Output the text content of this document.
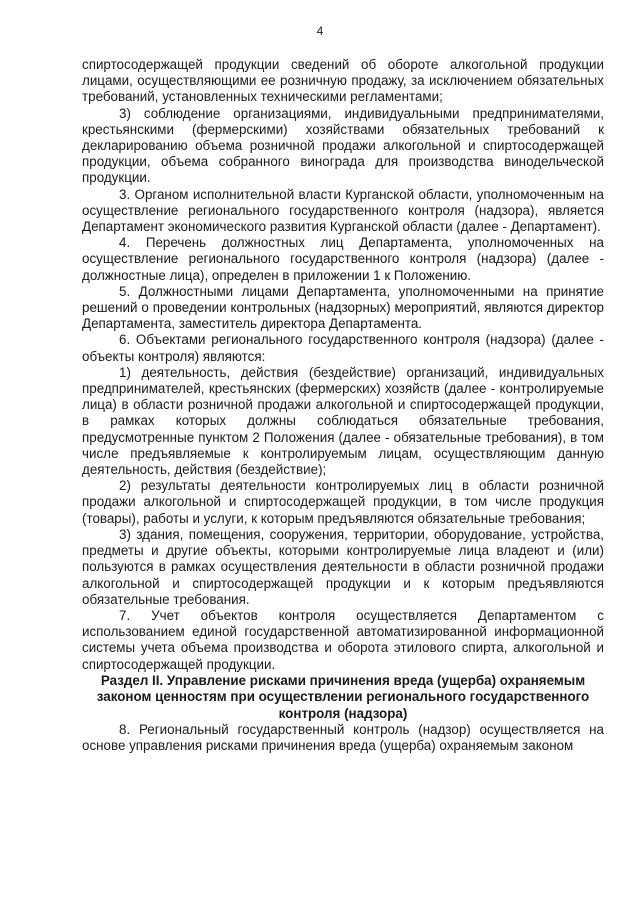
4

спиртосодержащей продукции сведений об обороте алкогольной продукции лицами, осуществляющими ее розничную продажу, за исключением обязательных требований, установленных техническими регламентами;

3) соблюдение организациями, индивидуальными предпринимателями, крестьянскими (фермерскими) хозяйствами обязательных требований к декларированию объема розничной продажи алкогольной и спиртосодержащей продукции, объема собранного винограда для производства винодельческой продукции.

3. Органом исполнительной власти Курганской области, уполномоченным на осуществление регионального государственного контроля (надзора), является Департамент экономического развития Курганской области (далее - Департамент).

4. Перечень должностных лиц Департамента, уполномоченных на осуществление регионального государственного контроля (надзора) (далее - должностные лица), определен в приложении 1 к Положению.

5. Должностными лицами Департамента, уполномоченными на принятие решений о проведении контрольных (надзорных) мероприятий, являются директор Департамента, заместитель директора Департамента.

6. Объектами регионального государственного контроля (надзора) (далее - объекты контроля) являются:

1) деятельность, действия (бездействие) организаций, индивидуальных предпринимателей, крестьянских (фермерских) хозяйств (далее - контролируемые лица) в области розничной продажи алкогольной и спиртосодержащей продукции, в рамках которых должны соблюдаться обязательные требования, предусмотренные пунктом 2 Положения (далее - обязательные требования), в том числе предъявляемые к контролируемым лицам, осуществляющим данную деятельность, действия (бездействие);

2) результаты деятельности контролируемых лиц в области розничной продажи алкогольной и спиртосодержащей продукции, в том числе продукция (товары), работы и услуги, к которым предъявляются обязательные требования;

3) здания, помещения, сооружения, территории, оборудование, устройства, предметы и другие объекты, которыми контролируемые лица владеют и (или) пользуются в рамках осуществления деятельности в области розничной продажи алкогольной и спиртосодержащей продукции и к которым предъявляются обязательные требования.

7. Учет объектов контроля осуществляется Департаментом с использованием единой государственной автоматизированной информационной системы учета объема производства и оборота этилового спирта, алкогольной и спиртосодержащей продукции.

Раздел II. Управление рисками причинения вреда (ущерба) охраняемым законом ценностям при осуществлении регионального государственного контроля (надзора)

8. Региональный государственный контроль (надзор) осуществляется на основе управления рисками причинения вреда (ущерба) охраняемым законом
